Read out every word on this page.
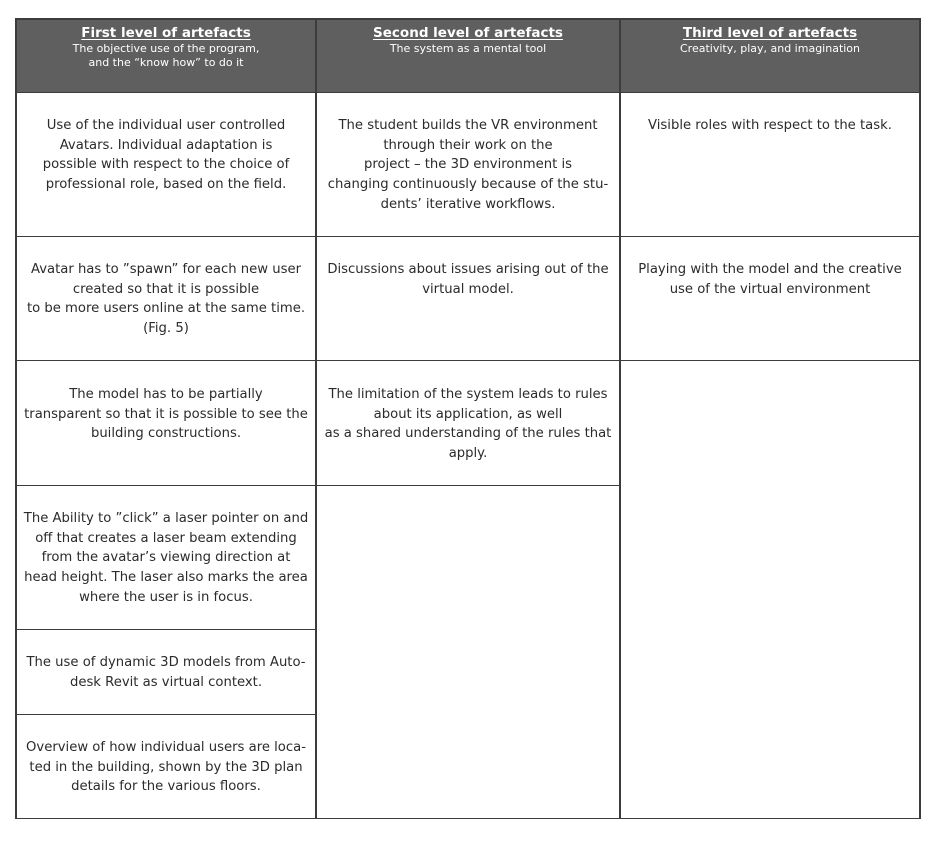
First level of artefacts
The objective use of the program,
and the “know how” to do it
Second level of artefacts
The system as a mental tool
Third level of artefacts
Creativity, play, and imagination
Use of the individual user controlled
Avatars. Individual adaptation is
possible with respect to the choice of
professional role, based on the field.
Avatar has to ”spawn” for each new user
created so that it is possible
to be more users online at the same time.
(Fig. 5)
The model has to be partially
transparent so that it is possible to see the
building constructions.
The Ability to ”click” a laser pointer on and
off that creates a laser beam extending
from the avatar’s viewing direction at
head height. The laser also marks the area
where the user is in focus.
The use of dynamic 3D models from Auto-
desk Revit as virtual context.
Overview of how individual users are loca-
ted in the building, shown by the 3D plan
details for the various floors.
The student builds the VR environment
through their work on the
project – the 3D environment is
changing continuously because of the stu-
dents’ iterative workflows.
Discussions about issues arising out of the
virtual model.
The limitation of the system leads to rules
about its application, as well
as a shared understanding of the rules that
apply.
Visible roles with respect to the task.
Playing with the model and the creative
use of the virtual environment
